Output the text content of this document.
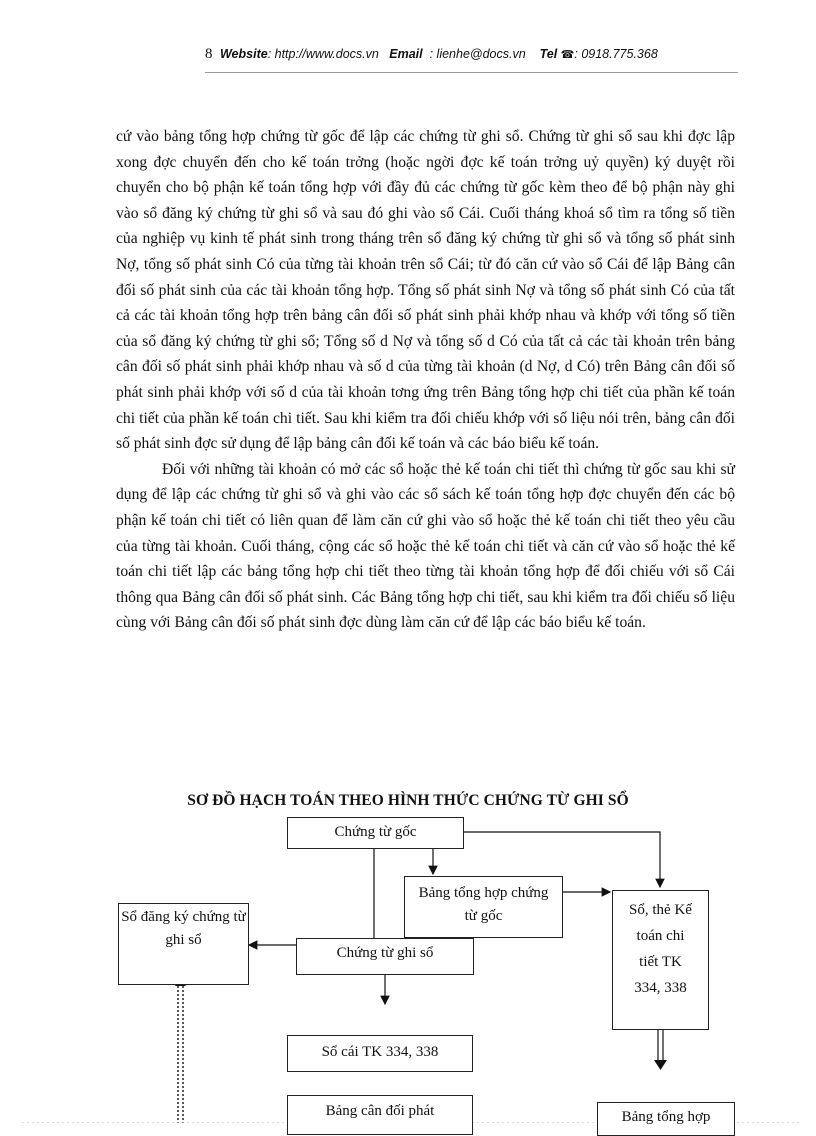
8 Website: http://www.docs.vn Email : lienhe@docs.vn Tel ☎: 0918.775.368

cứ vào bảng tổng hợp chứng từ gốc để lập các chứng từ ghi sổ. Chứng từ ghi sổ sau khi đợc lập xong đợc chuyển đến cho kế toán trởng (hoặc ngời đợc kế toán trởng uỷ quyền) ký duyệt rồi chuyển cho bộ phận kế toán tổng hợp với đầy đủ các chứng từ gốc kèm theo để bộ phận này ghi vào sổ đăng ký chứng từ ghi sổ và sau đó ghi vào sổ Cái. Cuối tháng khoá sổ tìm ra tổng số tiền của nghiệp vụ kinh tế phát sinh trong tháng trên sổ đăng ký chứng từ ghi sổ và tổng số phát sinh Nợ, tổng số phát sinh Có của từng tài khoản trên sổ Cái; từ đó căn cứ vào sổ Cái để lập Bảng cân đối số phát sinh của các tài khoản tổng hợp. Tổng số phát sinh Nợ và tổng số phát sinh Có của tất cả các tài khoản tổng hợp trên bảng cân đối số phát sinh phải khớp nhau và khớp với tổng số tiền của sổ đăng ký chứng từ ghi sổ; Tổng số d Nợ và tổng số d Có của tất cả các tài khoản trên bảng cân đối số phát sinh phải khớp nhau và số d của từng tài khoản (d Nợ, d Có) trên Bảng cân đối số phát sinh phải khớp với số d của tài khoản tơng ứng trên Bảng tổng hợp chi tiết của phần kế toán chi tiết của phần kế toán chi tiết. Sau khi kiểm tra đối chiếu khớp với số liệu nói trên, bảng cân đối số phát sinh đợc sử dụng để lập bảng cân đối kế toán và các báo biểu kế toán.

Đối với những tài khoản có mở các sổ hoặc thẻ kế toán chi tiết thì chứng từ gốc sau khi sử dụng để lập các chứng từ ghi sổ và ghi vào các sổ sách kế toán tổng hợp đợc chuyển đến các bộ phận kế toán chi tiết có liên quan để làm căn cứ ghi vào sổ hoặc thẻ kế toán chi tiết theo yêu cầu của từng tài khoản. Cuối tháng, cộng các sổ hoặc thẻ kế toán chi tiết và căn cứ vào sổ hoặc thẻ kế toán chi tiết lập các bảng tổng hợp chi tiết theo từng tài khoản tổng hợp để đối chiếu với sổ Cái thông qua Bảng cân đối số phát sinh. Các Bảng tổng hợp chi tiết, sau khi kiểm tra đối chiếu số liệu cùng với Bảng cân đối số phát sinh đợc dùng làm căn cứ để lập các báo biểu kế toán.

SƠ ĐỒ HẠCH TOÁN THEO HÌNH THỨC CHỨNG TỪ GHI SỔ
Chứng từ gốc
Sổ đăng ký chứng từ ghi sổ
Chứng từ ghi sổ
Bảng tổng hợp chứng từ gốc	Sổ, thẻ Kế toán chi tiết TK 334, 338
Sổ cái TK 334, 338
Bảng cân đối phát	Bảng tổng hợp
